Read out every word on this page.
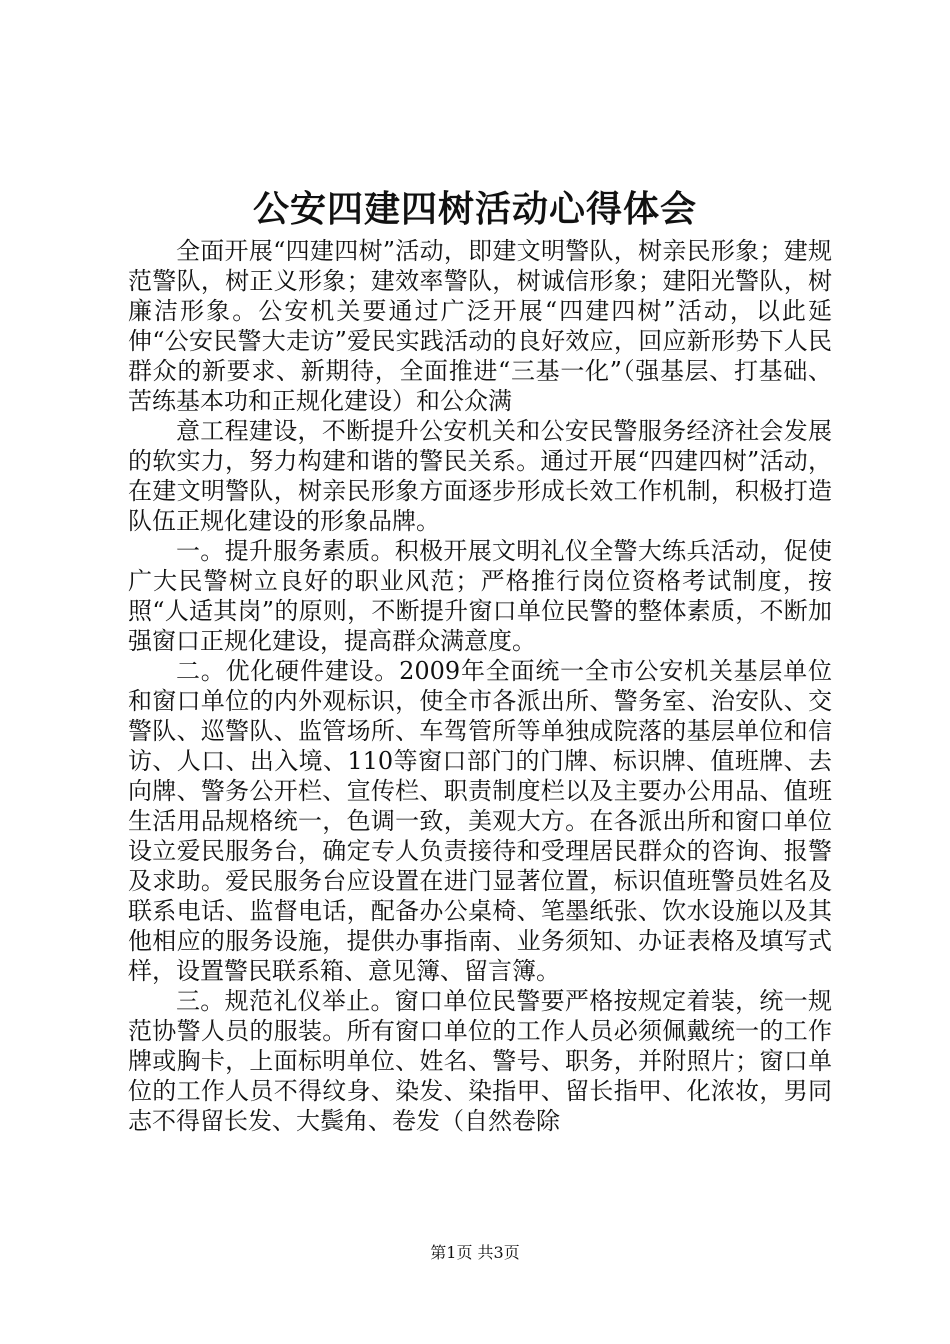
公安四建四树活动心得体会

全面开展“四建四树”活动，即建文明警队，树亲民形象；建规范警队，树正义形象；建效率警队，树诚信形象；建阳光警队，树廉洁形象。公安机关要通过广泛开展“四建四树”活动，以此延伸“公安民警大走访”爱民实践活动的良好效应，回应新形势下人民群众的新要求、新期待，全面推进“三基一化”（强基层、打基础、苦练基本功和正规化建设）和公众满

意工程建设，不断提升公安机关和公安民警服务经济社会发展的软实力，努力构建和谐的警民关系。通过开展“四建四树”活动，在建文明警队，树亲民形象方面逐步形成长效工作机制，积极打造队伍正规化建设的形象品牌。

一。提升服务素质。积极开展文明礼仪全警大练兵活动，促使广大民警树立良好的职业风范；严格推行岗位资格考试制度，按照“人适其岗”的原则，不断提升窗口单位民警的整体素质，不断加强窗口正规化建设，提高群众满意度。

二。优化硬件建设。2009年全面统一全市公安机关基层单位和窗口单位的内外观标识，使全市各派出所、警务室、治安队、交警队、巡警队、监管场所、车驾管所等单独成院落的基层单位和信访、人口、出入境、110等窗口部门的门牌、标识牌、值班牌、去向牌、警务公开栏、宣传栏、职责制度栏以及主要办公用品、值班生活用品规格统一，色调一致，美观大方。在各派出所和窗口单位设立爱民服务台，确定专人负责接待和受理居民群众的咨询、报警及求助。爱民服务台应设置在进门显著位置，标识值班警员姓名及联系电话、监督电话，配备办公桌椅、笔墨纸张、饮水设施以及其他相应的服务设施，提供办事指南、业务须知、办证表格及填写式样，设置警民联系箱、意见簿、留言簿。

三。规范礼仪举止。窗口单位民警要严格按规定着装，统一规范协警人员的服装。所有窗口单位的工作人员必须佩戴统一的工作牌或胸卡，上面标明单位、姓名、警号、职务，并附照片；窗口单位的工作人员不得纹身、染发、染指甲、留长指甲、化浓妆，男同志不得留长发、大鬓角、卷发（自然卷除

第1页 共3页
